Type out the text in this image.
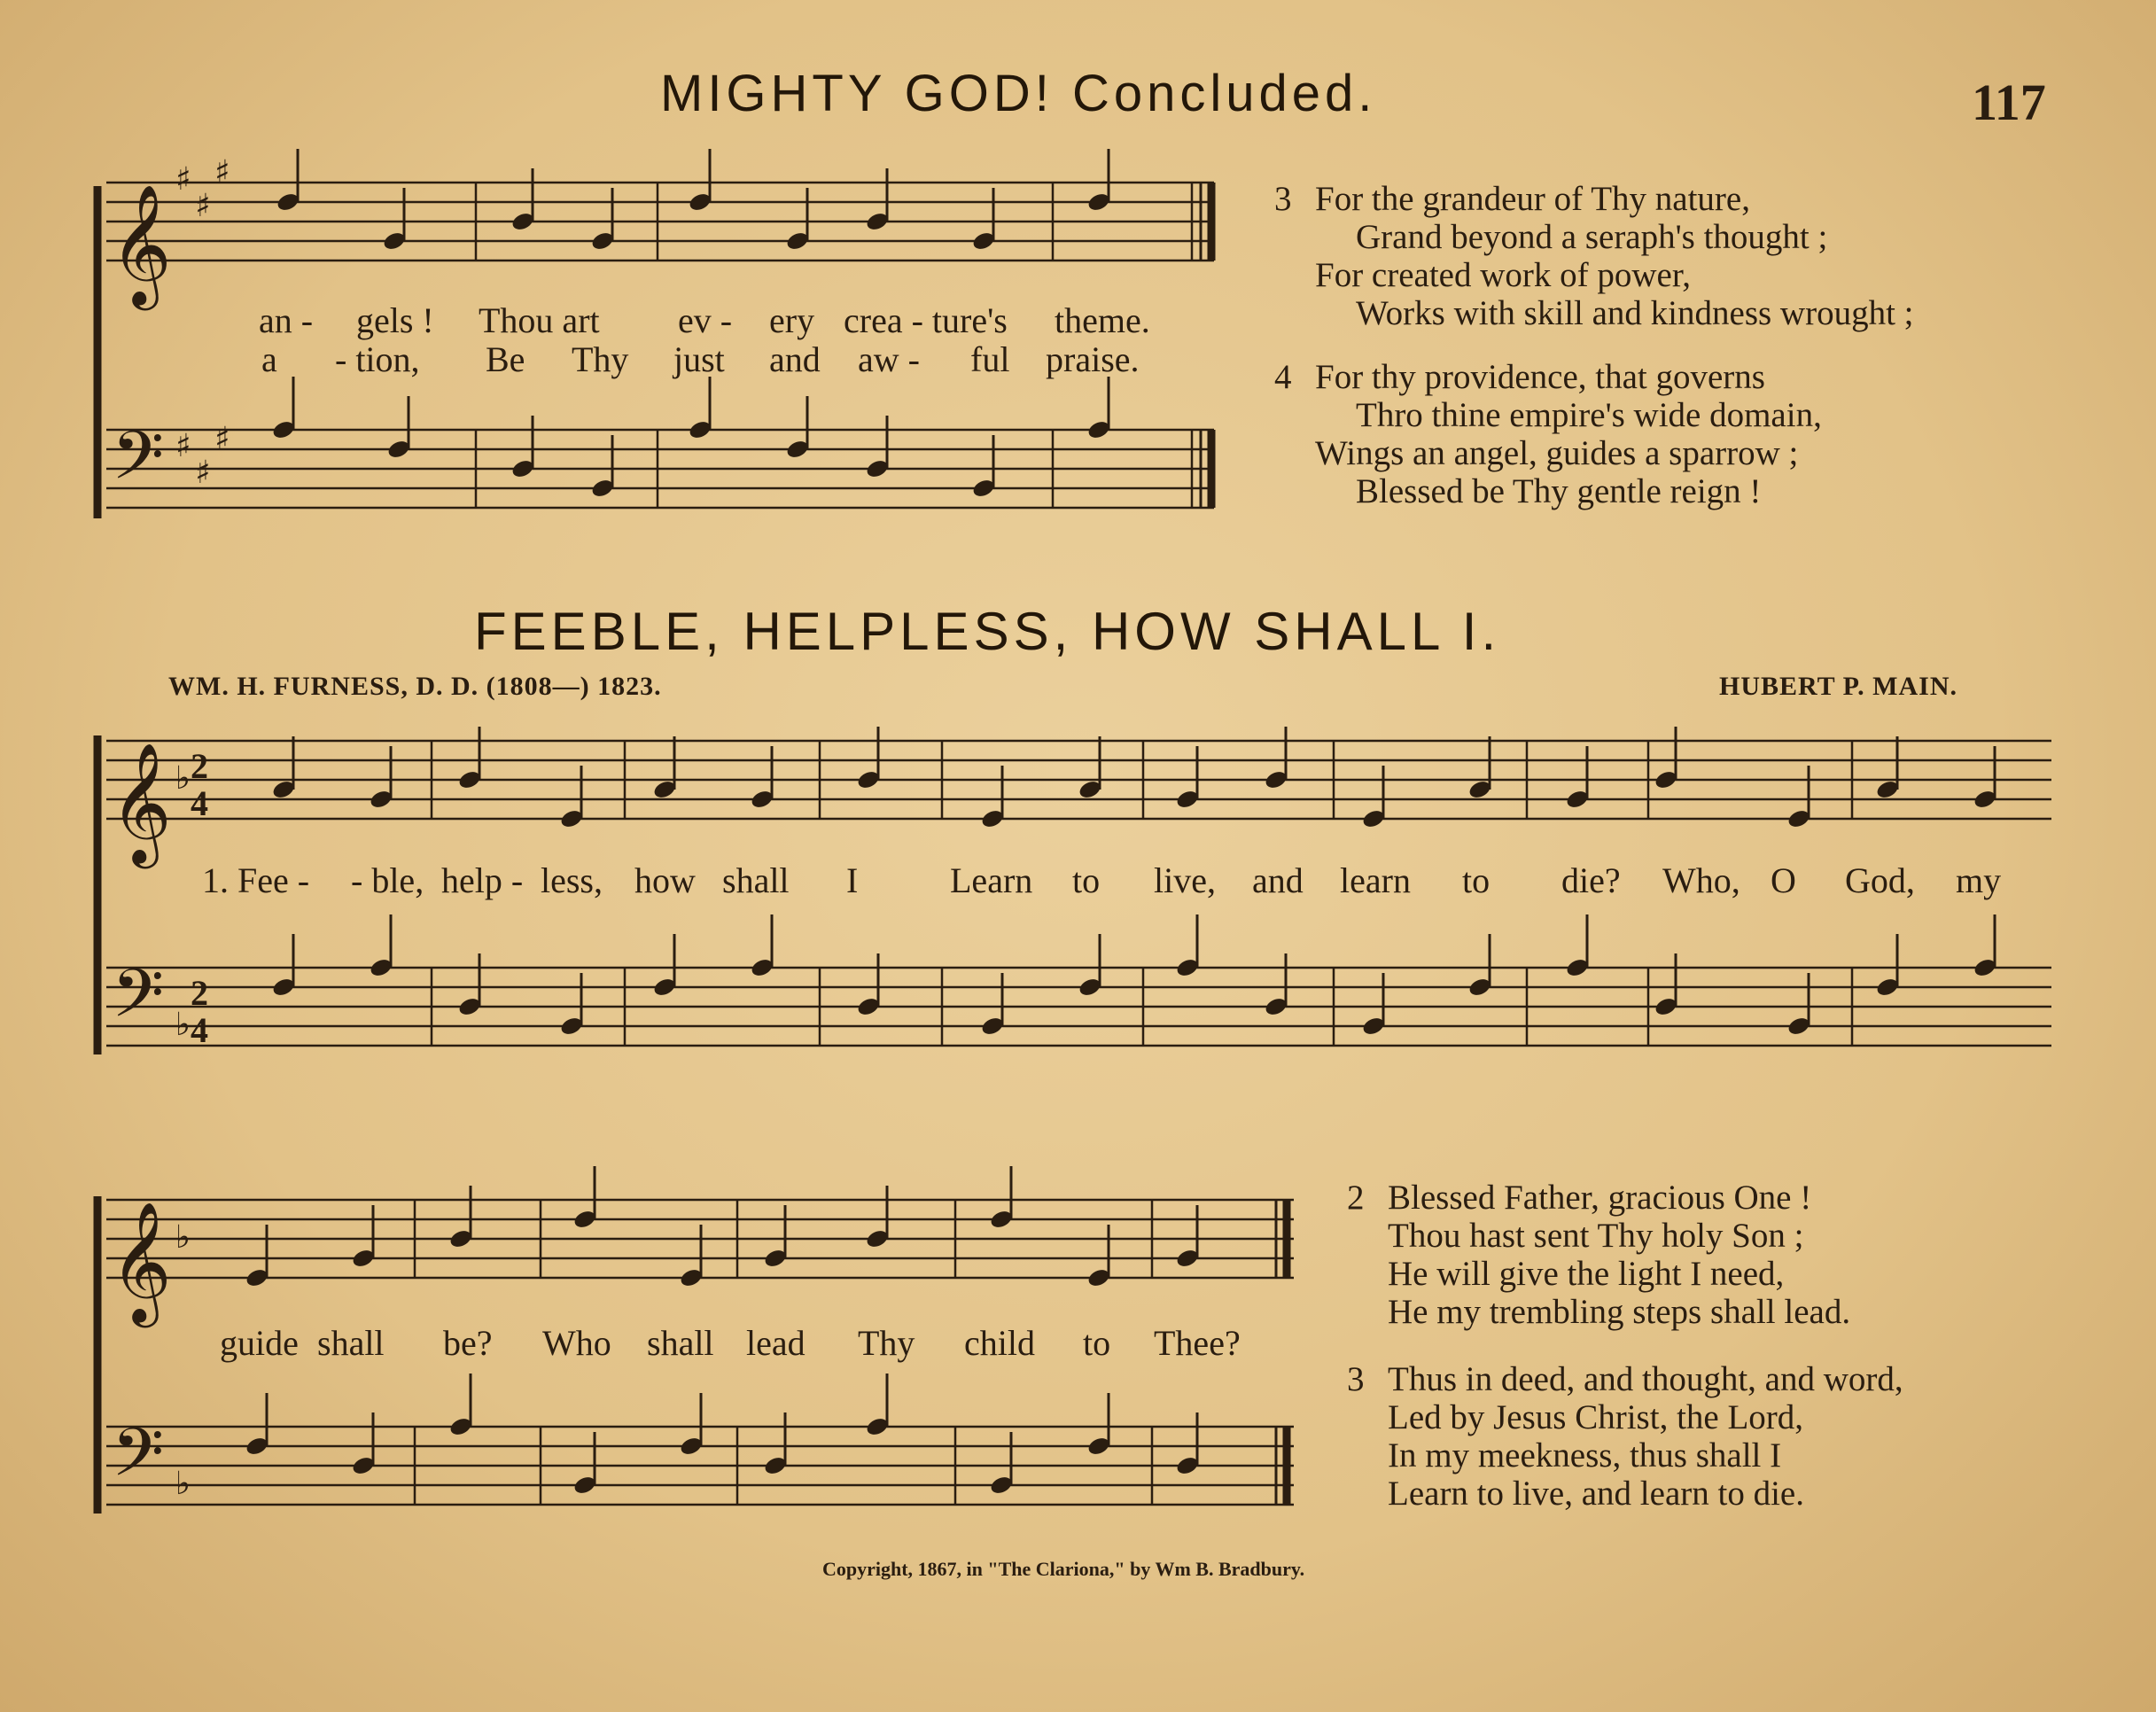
𝄞
♯
♯
♯
𝄢 ♯
♯
♯
𝄞 ♭ 2
4
𝄢 ♭
2
4
𝄞 ♭
𝄢 ♭
MIGHTY GOD! Concluded.	117
an - gels ! Thou art ev - ery crea - ture's theme.
a - tion, Be Thy just and aw - ful praise.
3 For the grandeur of Thy nature,
Grand beyond a seraph's thought ;
For created work of power,
Works with skill and kindness wrought ;
4 For thy providence, that governs
Thro thine empire's wide domain,
Wings an angel, guides a sparrow ;
Blessed be Thy gentle reign !
FEEBLE, HELPLESS, HOW SHALL I.
WM. H. FURNESS, D. D. (1808—) 1823.	HUBERT P. MAIN.
1. Fee - - ble, help - less, how shall I	Learn to live, and learn to die? Who, O God, my
guide shall be? Who shall lead Thy child to Thee?
2 Blessed Father, gracious One !
Thou hast sent Thy holy Son ;
He will give the light I need,
He my trembling steps shall lead.
3 Thus in deed, and thought, and word,
Led by Jesus Christ, the Lord,
In my meekness, thus shall I
Learn to live, and learn to die.
Copyright, 1867, in "The Clariona," by Wm B. Bradbury.
